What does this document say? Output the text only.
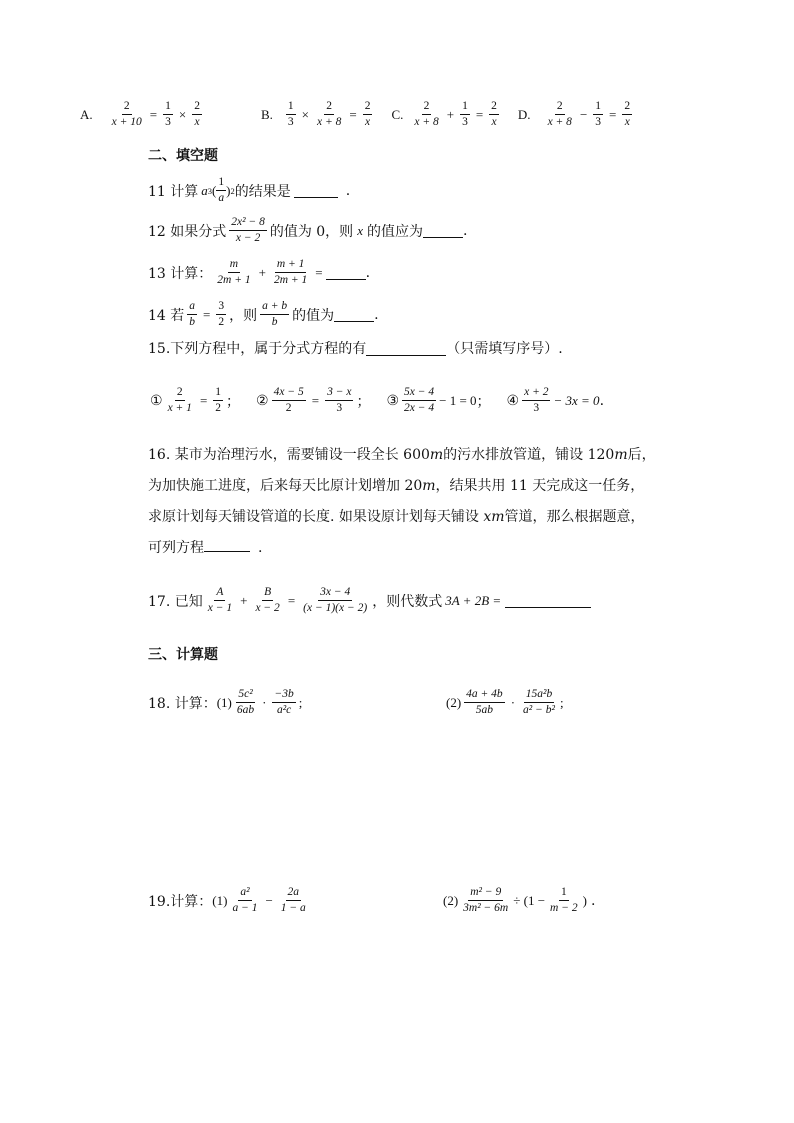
A. $\frac{2}{x + 10} = \frac{1}{3} \times \frac{2}{x}$	B. $\frac{1}{3} \times \frac{2}{x + 8} = \frac{2}{x} C$. $\frac{2}{x + 8} + \frac{1}{3} = \frac{2}{x} D$. $\frac{2}{x + 8} - \frac{1}{3} = \frac{2}{x}$
二、填空题
11 计算 a 3 ( $\frac{1}{a}$ ) 2 的结果是	.
12 如果分式 $\frac{\text{2x² − 8}}{x - 2}$ 的值为 0，则 x 的值应为	.
13 计算： $\frac{m}{2m + 1} + \frac{m + 1}{2m + 1}$ =	.
14 若 $\frac{a}{b} = \frac{3}{2}$ ，则 $\frac{a + b}{b}$ 的值为	.
15.下列方程中，属于分式方程的有	（只需填写序号）.
① $\frac{2}{x + 1} = \frac{1}{2}$ ； ② $\frac{4x - 5}{2} = \frac{3 - x}{3}$ ； ③ $\frac{5x - 4}{2x - 4} - 1 = 0$ ； ④ $\frac{x + 2}{3} - 3x = 0$ .
16. 某市为治理污水，需要铺设一段全长 600m的污水排放管道，铺设 120m后，
为加快施工进度，后来每天比原计划增加 20m，结果共用 11 天完成这一任务，
求原计划每天铺设管道的长度. 如果设原计划每天铺设 xm管道，那么根据题意，
可列方程	.
17. 已知 $\frac{A}{x - 1} + \frac{B}{x - 2} = \frac{3x - 4}{(x - 1)(x - 2)}$ ，则代数式 3A + 2B =
三、计算题
18. 计算： $(1) \frac{\text{5c²}}{6ab} \cdot \frac{-3b}{\text{a²c}}$ ;	$(2) \frac{4a + 4b}{5ab} \cdot \frac{\text{15a²b}}{\text{a² − b²}}$ ;
19.计算： $(1) \frac{\text{a²}}{a - 1} - \frac{2a}{1 - a}$	$(2) \frac{\text{m² − 9}}{\text{3m² − 6m}} \div (1 - \frac{1}{m - 2}$ ) .
